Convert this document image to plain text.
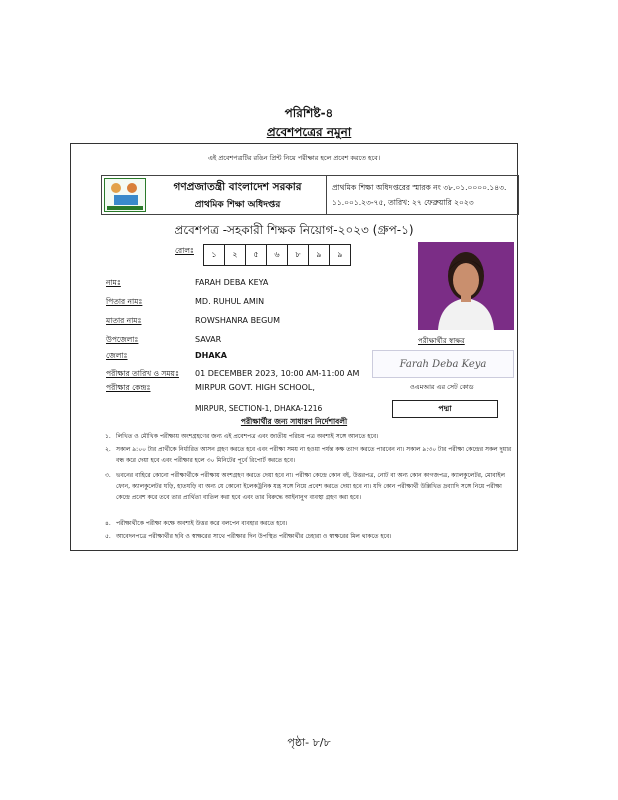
পরিশিষ্ট-৪
প্রবেশপত্রের নমুনা
এই প্রবেশপত্রটির রঙিন প্রিন্ট নিয়ে পরীক্ষার হলে প্রবেশ করতে হবে।
গণপ্রজাতন্ত্রী বাংলাদেশ সরকার
প্রাথমিক শিক্ষা অধিদপ্তর
প্রাথমিক শিক্ষা অধিদপ্তরের স্মারক নং ৩৮.০১.০০০০.১৪৩.
১১.০০১.২৩-৭৫, তারিখ: ২৭ ফেব্রুয়ারি ২০২৩
প্রবেশপত্র -সহকারী শিক্ষক নিয়োগ-২০২৩ (গ্রুপ-১)
রোলঃ	১	২	৫	৬	৮	৯	৯
নামঃ	FARAH DEBA KEYA
পিতার নামঃ	MD. RUHUL AMIN
মাতার নামঃ	ROWSHANRA BEGUM
উপজেলাঃ	SAVAR
জেলাঃ	DHAKA
পরীক্ষার তারিখ ও সময়ঃ 01 DECEMBER 2023, 10:00 AM-11:00 AM
পরীক্ষার কেন্দ্রঃ	MIRPUR GOVT. HIGH SCHOOL,
MIRPUR, SECTION-1, DHAKA-1216
পরীক্ষার্থীর স্বাক্ষর
Farah Deba Keya
ওএমআর এর সেট কোড
পদ্মা
পরীক্ষার্থীর জন্য সাধারণ নির্দেশাবলী
১. লিখিত ও মৌখিক পরীক্ষায় অংশগ্রহণের জন্য এই প্রবেশপত্র এবং জাতীয় পরিচয় পত্র অবশ্যই সঙ্গে আনতে হবে।
২. সকাল ৯:০০ টার প্রার্থীকে নির্ধারিত আসন গ্রহণ করতে হবে এবং পরীক্ষা সময় না হওয়া পর্যন্ত কক্ষ ত্যাগ করতে পারবেন না। সকাল ৯:৩০ টার পরীক্ষা কেন্দ্রের সকল দুয়ার বন্ধ করে দেয়া হবে এবং পরীক্ষার হলে ৩০ মিনিটের পূর্বে রিপোর্ট করতে হবে।
৩. ভবনের বাহিরে কোনো পরীক্ষার্থীকে পরীক্ষায় অংশগ্রহণ করতে দেয়া হবে না। পরীক্ষা কেন্দ্রে কোন বই, উত্তরপত্র, নোট বা অন্য কোন কাগজপত্র, ক্যালকুলেটর, মোবাইল ফোন, ক্যালকুলেটর ঘড়ি, হাতঘড়ি বা অন্য যে কোনো ইলেকট্রনিক যন্ত্র সঙ্গে নিয়ে প্রবেশ করতে দেয়া হবে না। যদি কোন পরীক্ষার্থী উল্লিখিত দ্রব্যাদি সঙ্গে নিয়ে পরীক্ষা কেন্দ্রে প্রবেশ করে তবে তার প্রার্থিতা বাতিল করা হবে এবং তার বিরুদ্ধে আইনানুগ ব্যবস্থা গ্রহণ করা হবে।
৪. পরীক্ষার্থীকে পরীক্ষা কক্ষে অবশ্যই উত্তর করে বলপেন ব্যবহার করতে হবে।
৫. আবেদনপত্রে পরীক্ষার্থীর ছবি ও স্বাক্ষরের সাথে পরীক্ষার দিন উপস্থিত পরীক্ষার্থীর চেহারা ও স্বাক্ষরের মিল থাকতে হবে।
পৃষ্ঠা- ৮/৮
